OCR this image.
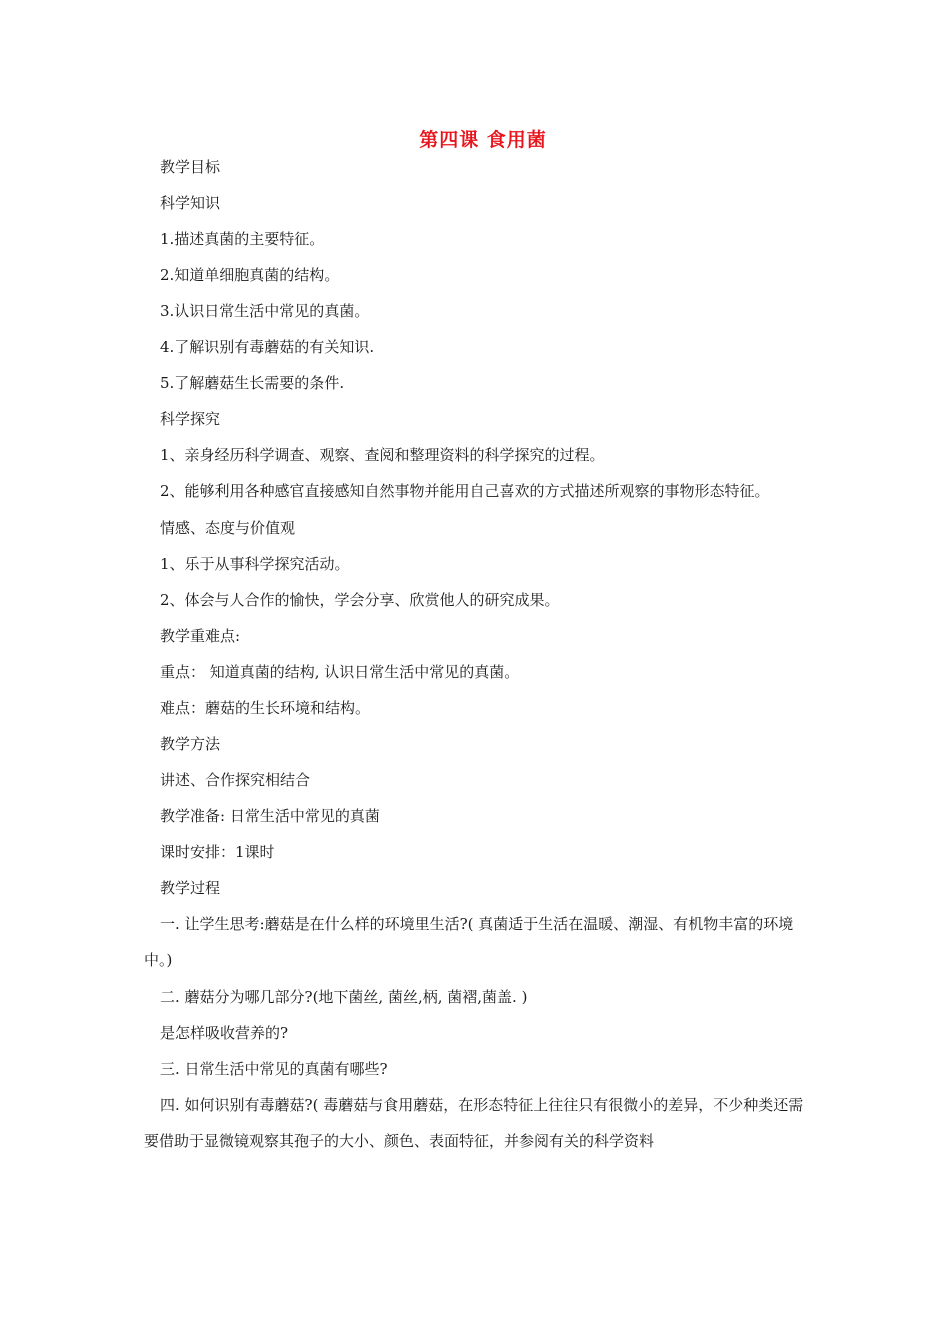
第四课 食用菌
教学目标
科学知识
1.描述真菌的主要特征。
2.知道单细胞真菌的结构。
3.认识日常生活中常见的真菌。
4.了解识别有毒蘑菇的有关知识.
5.了解蘑菇生长需要的条件.
科学探究
1、亲身经历科学调查、观察、查阅和整理资料的科学探究的过程。
2、能够利用各种感官直接感知自然事物并能用自己喜欢的方式描述所观察的事物形态特征。
情感、态度与价值观
1、乐于从事科学探究活动。
2、体会与人合作的愉快，学会分享、欣赏他人的研究成果。
教学重难点:
重点： 知道真菌的结构, 认识日常生活中常见的真菌。
难点：蘑菇的生长环境和结构。
教学方法
讲述、合作探究相结合
教学准备: 日常生活中常见的真菌
课时安排：1课时
教学过程
一. 让学生思考:蘑菇是在什么样的环境里生活?( 真菌适于生活在温暖、潮湿、有机物丰富的环境中。)
二. 蘑菇分为哪几部分?(地下菌丝, 菌丝,柄, 菌褶,菌盖. )
是怎样吸收营养的?
三. 日常生活中常见的真菌有哪些?
四. 如何识别有毒蘑菇?( 毒蘑菇与食用蘑菇，在形态特征上往往只有很微小的差异，不少种类还需要借助于显微镜观察其孢子的大小、颜色、表面特征，并参阅有关的科学资料
